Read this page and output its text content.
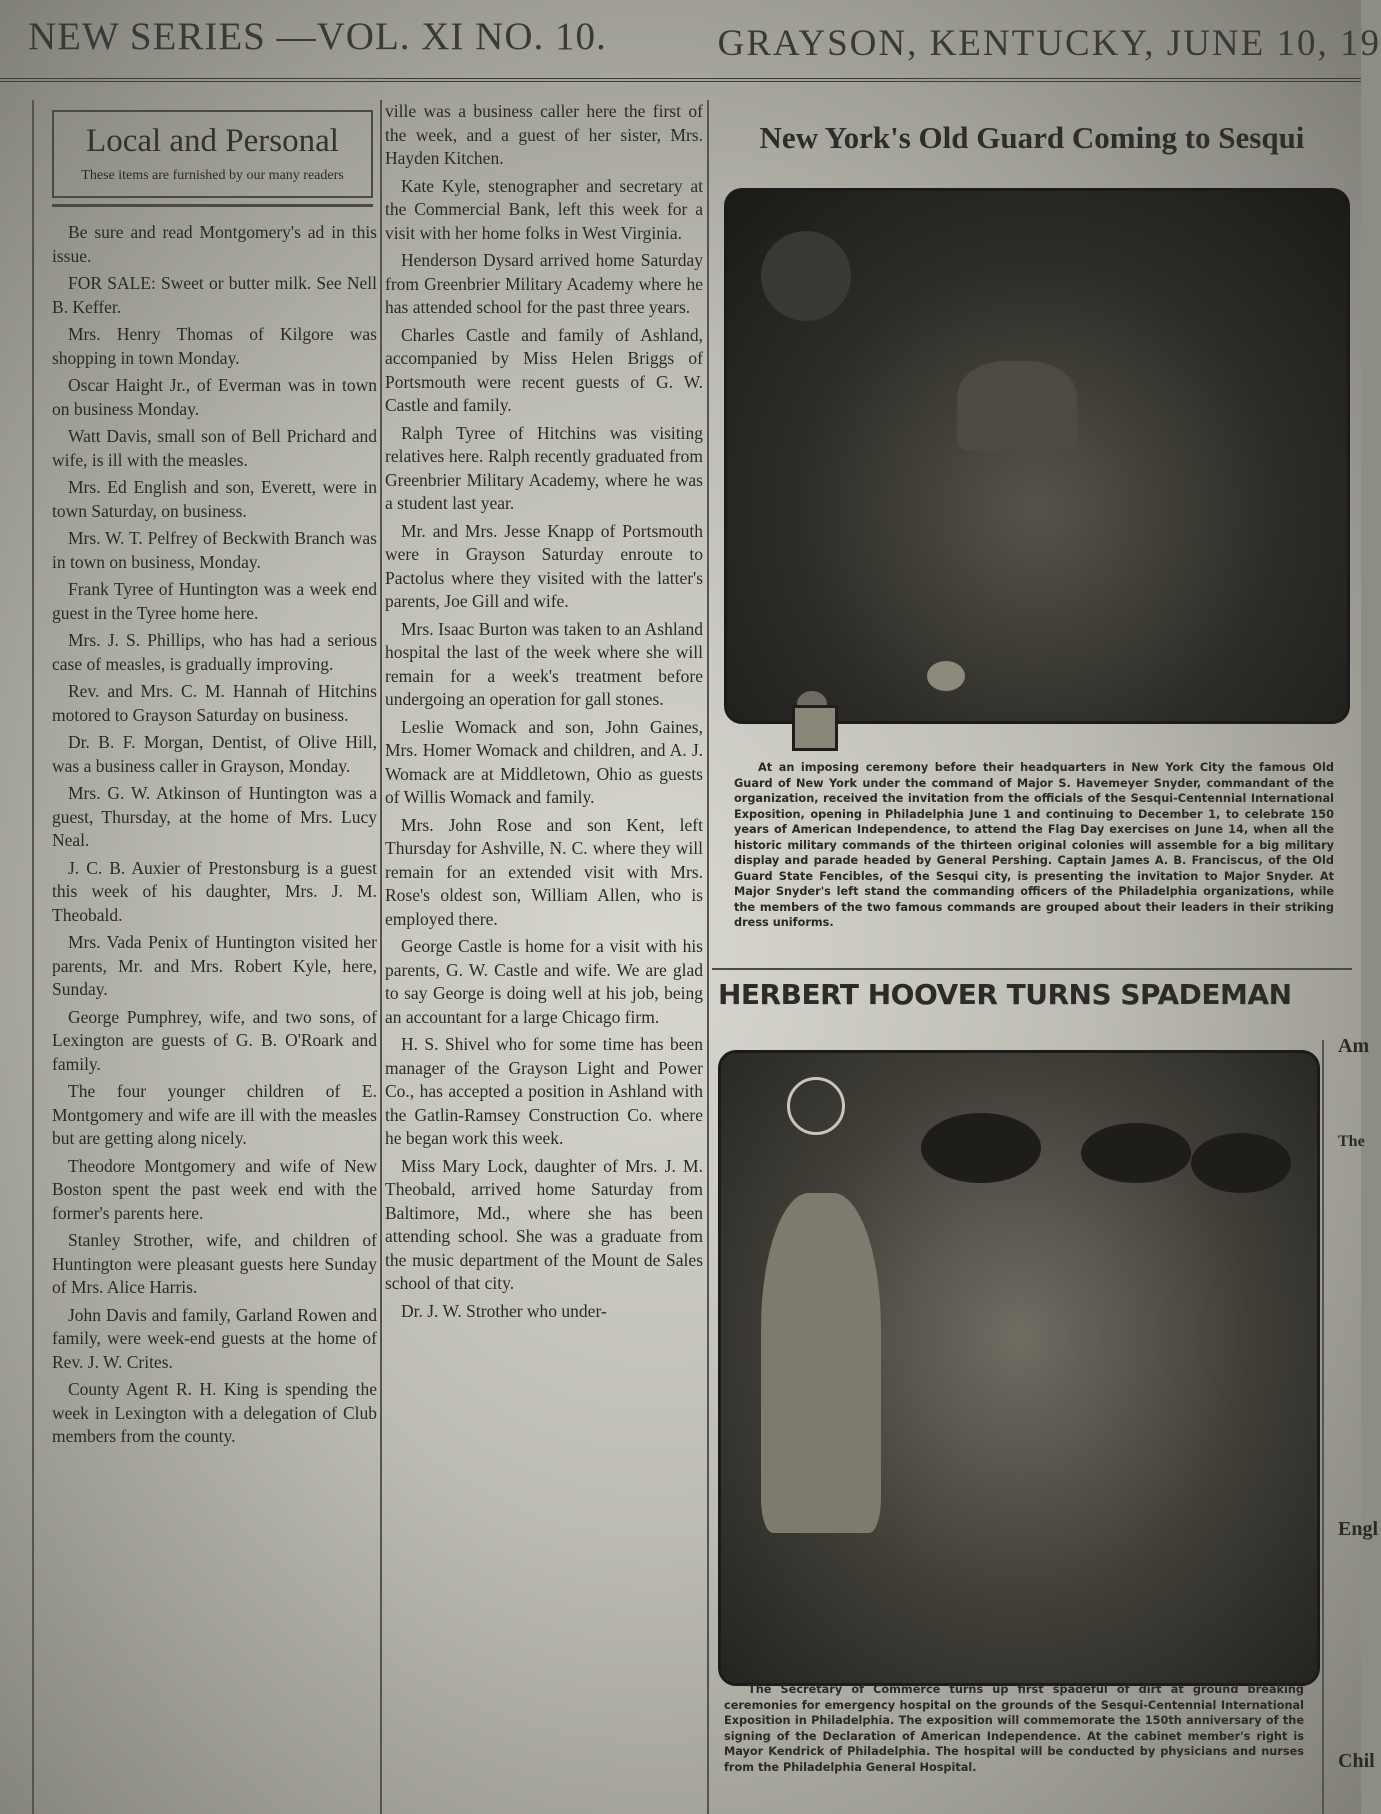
NEW SERIES —VOL. XI NO. 10.	GRAYSON, KENTUCKY, JUNE 10, 19
Local and Personal
These items are furnished by our many readers

Be sure and read Montgomery's ad in this issue.

FOR SALE: Sweet or butter milk. See Nell B. Keffer.

Mrs. Henry Thomas of Kilgore was shopping in town Monday.

Oscar Haight Jr., of Everman was in town on business Monday.

Watt Davis, small son of Bell Prichard and wife, is ill with the measles.

Mrs. Ed English and son, Everett, were in town Saturday, on business.

Mrs. W. T. Pelfrey of Beckwith Branch was in town on business, Monday.

Frank Tyree of Huntington was a week end guest in the Tyree home here.

Mrs. J. S. Phillips, who has had a serious case of measles, is gradually improving.

Rev. and Mrs. C. M. Hannah of Hitchins motored to Grayson Saturday on business.

Dr. B. F. Morgan, Dentist, of Olive Hill, was a business caller in Grayson, Monday.

Mrs. G. W. Atkinson of Huntington was a guest, Thursday, at the home of Mrs. Lucy Neal.

J. C. B. Auxier of Prestonsburg is a guest this week of his daughter, Mrs. J. M. Theobald.

Mrs. Vada Penix of Huntington visited her parents, Mr. and Mrs. Robert Kyle, here, Sunday.

George Pumphrey, wife, and two sons, of Lexington are guests of G. B. O'Roark and family.

The four younger children of E. Montgomery and wife are ill with the measles but are getting along nicely.

Theodore Montgomery and wife of New Boston spent the past week end with the former's parents here.

Stanley Strother, wife, and children of Huntington were pleasant guests here Sunday of Mrs. Alice Harris.

John Davis and family, Garland Rowen and family, were week-end guests at the home of Rev. J. W. Crites.

County Agent R. H. King is spending the week in Lexington with a delegation of Club members from the county.

ville was a business caller here the first of the week, and a guest of her sister, Mrs. Hayden Kitchen.

Kate Kyle, stenographer and secretary at the Commercial Bank, left this week for a visit with her home folks in West Virginia.

Henderson Dysard arrived home Saturday from Greenbrier Military Academy where he has attended school for the past three years.

Charles Castle and family of Ashland, accompanied by Miss Helen Briggs of Portsmouth were recent guests of G. W. Castle and family.

Ralph Tyree of Hitchins was visiting relatives here. Ralph recently graduated from Greenbrier Military Academy, where he was a student last year.

Mr. and Mrs. Jesse Knapp of Portsmouth were in Grayson Saturday enroute to Pactolus where they visited with the latter's parents, Joe Gill and wife.

Mrs. Isaac Burton was taken to an Ashland hospital the last of the week where she will remain for a week's treatment before undergoing an operation for gall stones.

Leslie Womack and son, John Gaines, Mrs. Homer Womack and children, and A. J. Womack are at Middletown, Ohio as guests of Willis Womack and family.

Mrs. John Rose and son Kent, left Thursday for Ashville, N. C. where they will remain for an extended visit with Mrs. Rose's oldest son, William Allen, who is employed there.

George Castle is home for a visit with his parents, G. W. Castle and wife. We are glad to say George is doing well at his job, being an accountant for a large Chicago firm.

H. S. Shivel who for some time has been manager of the Grayson Light and Power Co., has accepted a position in Ashland with the Gatlin-Ramsey Construction Co. where he began work this week.

Miss Mary Lock, daughter of Mrs. J. M. Theobald, arrived home Saturday from Baltimore, Md., where she has been attending school. She was a graduate from the music department of the Mount de Sales school of that city.

Dr. J. W. Strother who under-

New York's Old Guard Coming to Sesqui
At an imposing ceremony before their headquarters in New York City the famous Old Guard of New York under the command of Major S. Havemeyer Snyder, commandant of the organization, received the invitation from the officials of the Sesqui-Centennial International Exposition, opening in Philadelphia June 1 and continuing to December 1, to celebrate 150 years of American Independence, to attend the Flag Day exercises on June 14, when all the historic military commands of the thirteen original colonies will assemble for a big military display and parade headed by General Pershing. Captain James A. B. Franciscus, of the Old Guard State Fencibles, of the Sesqui city, is presenting the invitation to Major Snyder. At Major Snyder's left stand the commanding officers of the Philadelphia organizations, while the members of the two famous commands are grouped about their leaders in their striking dress uniforms.
HERBERT HOOVER TURNS SPADEMAN
The Secretary of Commerce turns up first spadeful of dirt at ground breaking ceremonies for emergency hospital on the grounds of the Sesqui-Centennial International Exposition in Philadelphia. The exposition will commemorate the 150th anniversary of the signing of the Declaration of American Independence. At the cabinet member's right is Mayor Kendrick of Philadelphia. The hospital will be conducted by physicians and nurses from the Philadelphia General Hospital.
Am
The
Engl
Chil
